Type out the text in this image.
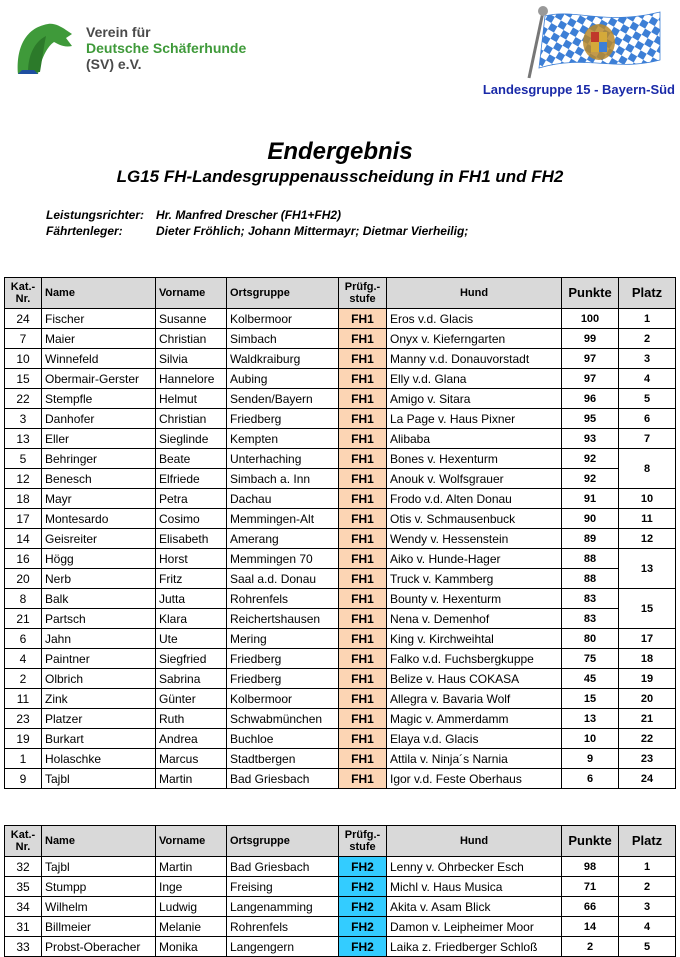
Verein für
Deutsche Schäferhunde
(SV) e.V.
Landesgruppe 15 - Bayern-Süd
Endergebnis
LG15 FH-Landesgruppenausscheidung in FH1 und FH2
Leistungsrichter: Hr. Manfred Drescher (FH1+FH2)
Fährtenleger:	Dieter Fröhlich; Johann Mittermayr; Dietmar Vierheilig;
Kat.-Nr.	Name	Vorname	Ortsgruppe	Prüfg.-stufe	Hund	Punkte	Platz
24	Fischer	Susanne	Kolbermoor	FH1	Eros v.d. Glacis	100	1
7	Maier	Christian	Simbach	FH1	Onyx v. Kieferngarten	99	2
10	Winnefeld	Silvia	Waldkraiburg	FH1	Manny v.d. Donauvorstadt	97	3
15	Obermair-Gerster	Hannelore	Aubing	FH1	Elly v.d. Glana	97	4
22	Stempfle	Helmut	Senden/Bayern	FH1	Amigo v. Sitara	96	5
3	Danhofer	Christian	Friedberg	FH1	La Page v. Haus Pixner	95	6
13	Eller	Sieglinde	Kempten	FH1	Alibaba	93	7
5	Behringer	Beate	Unterhaching	FH1	Bones v. Hexenturm	92	8
12	Benesch	Elfriede	Simbach a. Inn	FH1	Anouk v. Wolfsgrauer	92	
18	Mayr	Petra	Dachau	FH1	Frodo v.d. Alten Donau	91	10
17	Montesardo	Cosimo	Memmingen-Alt	FH1	Otis v. Schmausenbuck	90	11
14	Geisreiter	Elisabeth	Amerang	FH1	Wendy v. Hessenstein	89	12
16	Högg	Horst	Memmingen 70	FH1	Aiko v. Hunde-Hager	88	13
20	Nerb	Fritz	Saal a.d. Donau	FH1	Truck v. Kammberg	88	
8	Balk	Jutta	Rohrenfels	FH1	Bounty v. Hexenturm	83	15
21	Partsch	Klara	Reichertshausen	FH1	Nena v. Demenhof	83	
6	Jahn	Ute	Mering	FH1	King v. Kirchweihtal	80	17
4	Paintner	Siegfried	Friedberg	FH1	Falko v.d. Fuchsbergkuppe	75	18
2	Olbrich	Sabrina	Friedberg	FH1	Belize v. Haus COKASA	45	19
11	Zink	Günter	Kolbermoor	FH1	Allegra v. Bavaria Wolf	15	20
23	Platzer	Ruth	Schwabmünchen	FH1	Magic v. Ammerdamm	13	21
19	Burkart	Andrea	Buchloe	FH1	Elaya v.d. Glacis	10	22
1	Holaschke	Marcus	Stadtbergen	FH1	Attila v. Ninja´s Narnia	9	23
9	Tajbl	Martin	Bad Griesbach	FH1	Igor v.d. Feste Oberhaus	6	24
Kat.-Nr.	Name	Vorname	Ortsgruppe	Prüfg.-stufe	Hund	Punkte	Platz
32	Tajbl	Martin	Bad Griesbach	FH2	Lenny v. Ohrbecker Esch	98	1
35	Stumpp	Inge	Freising	FH2	Michl v. Haus Musica	71	2
34	Wilhelm	Ludwig	Langenamming	FH2	Akita v. Asam Blick	66	3
31	Billmeier	Melanie	Rohrenfels	FH2	Damon v. Leipheimer Moor	14	4
33	Probst-Oberacher	Monika	Langengern	FH2	Laika z. Friedberger Schloß	2	5
